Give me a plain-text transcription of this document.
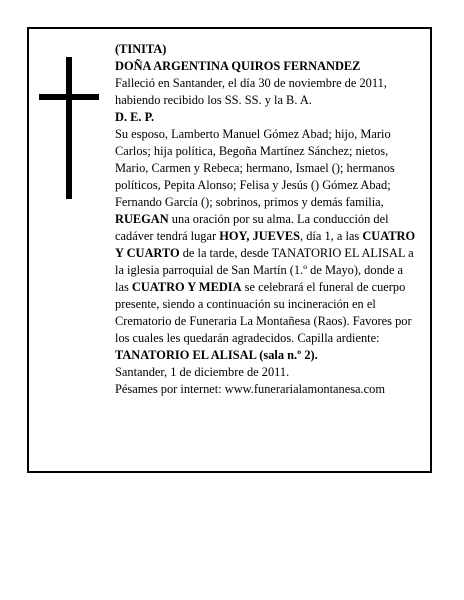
(TINITA)

DOÑA ARGENTINA QUIROS FERNANDEZ

Falleció en Santander, el día 30 de noviembre de 2011, habiendo recibido los SS. SS. y la B. A.

D. E. P.

Su esposo, Lamberto Manuel Gómez Abad; hijo, Mario Carlos; hija política, Begoña Martínez Sánchez; nietos, Mario, Carmen y Rebeca; hermano, Ismael (); hermanos políticos, Pepita Alonso; Felisa y Jesús () Gómez Abad; Fernando García (); sobrinos, primos y demás familia,

RUEGAN una oración por su alma. La conducción del cadáver tendrá lugar HOY, JUEVES, día 1, a las CUATRO Y CUARTO de la tarde, desde TANATORIO EL ALISAL a la iglesia parroquial de San Martín (1.º de Mayo), donde a las CUATRO Y MEDIA se celebrará el funeral de cuerpo presente, siendo a continuación su incineración en el Crematorio de Funeraria La Montañesa (Raos). Favores por los cuales les quedarán agradecidos. Capilla ardiente:

TANATORIO EL ALISAL (sala n.º 2).

Santander, 1 de diciembre de 2011.

Pésames por internet: www.funerarialamontanesa.com
